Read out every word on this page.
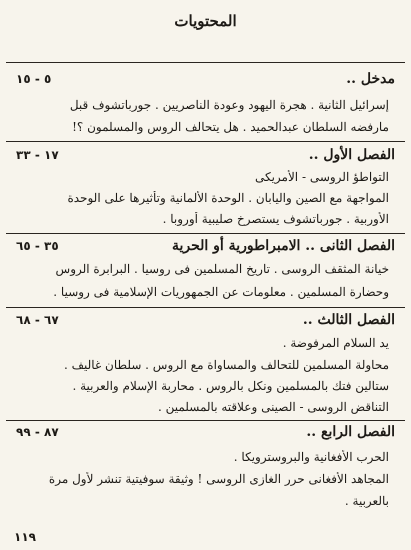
المحتويات
مدخل ..
٥ - ١٥
إسرائيل الثانية . هجرة اليهود وعودة الناصريين . جورباتشوف قبل
مارفضه السلطان عبدالحميد . هل يتحالف الروس والمسلمون ؟!
الفصل الأول ..
١٧ - ٣٣
التواطؤ الروسى - الأمريكى
المواجهة مع الصين واليابان . الوحدة الألمانية وتأثيرها على الوحدة
الأوربية . جورباتشوف يستصرخ صليبية أوروبا .
الفصل الثانى .. الامبراطورية أو الحرية
٣٥ - ٦٥
خيانة المثقف الروسى . تاريخ المسلمين فى روسيا . البرابرة الروس
وحضارة المسلمين . معلومات عن الجمهوريات الإسلامية فى روسيا .
الفصل الثالث ..
٦٧ - ٦٨
يد السلام المرفوضة .
محاولة المسلمين للتحالف والمساواة مع الروس . سلطان غاليف .
ستالين فتك بالمسلمين ونكل بالروس . محاربة الإسلام والعربية .
التناقض الروسى - الصينى وعلاقته بالمسلمين .
الفصل الرابع ..
٨٧ - ٩٩
الحرب الأفغانية والبروسترويكا .
المجاهد الأفغانى حرر الغازى الروسى ! وثيقة سوفيتية تنشر لأول مرة
بالعربية .
١١٩
